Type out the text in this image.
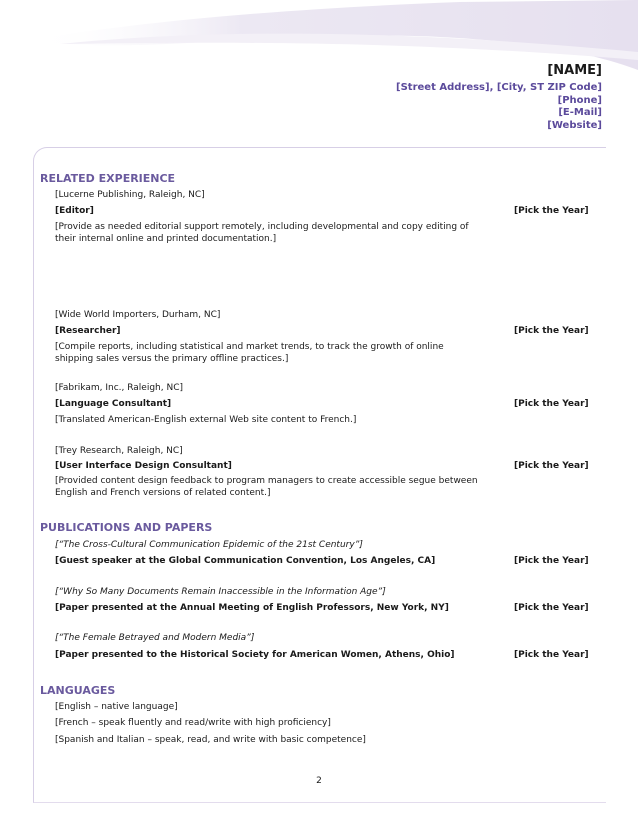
[NAME]
[Street Address], [City, ST ZIP Code]
[Phone]
[E-Mail]
[Website]
RELATED EXPERIENCE
[Lucerne Publishing, Raleigh, NC]
[Editor]	[Pick the Year]
[Provide as needed editorial support remotely, including developmental and copy editing of
their internal online and printed documentation.]
[Wide World Importers, Durham, NC]
[Researcher]	[Pick the Year]
[Compile reports, including statistical and market trends, to track the growth of online
shipping sales versus the primary offline practices.]
[Fabrikam, Inc., Raleigh, NC]
[Language Consultant]	[Pick the Year]
[Translated American-English external Web site content to French.]
[Trey Research, Raleigh, NC]
[User Interface Design Consultant]	[Pick the Year]
[Provided content design feedback to program managers to create accessible segue between
English and French versions of related content.]
PUBLICATIONS AND PAPERS
[“The Cross-Cultural Communication Epidemic of the 21st Century”]
[Guest speaker at the Global Communication Convention, Los Angeles, CA]	[Pick the Year]
[“Why So Many Documents Remain Inaccessible in the Information Age”]
[Paper presented at the Annual Meeting of English Professors, New York, NY]	[Pick the Year]
[“The Female Betrayed and Modern Media”]
[Paper presented to the Historical Society for American Women, Athens, Ohio]	[Pick the Year]
LANGUAGES
[English – native language]
[French – speak fluently and read/write with high proficiency]
[Spanish and Italian – speak, read, and write with basic competence]
2
